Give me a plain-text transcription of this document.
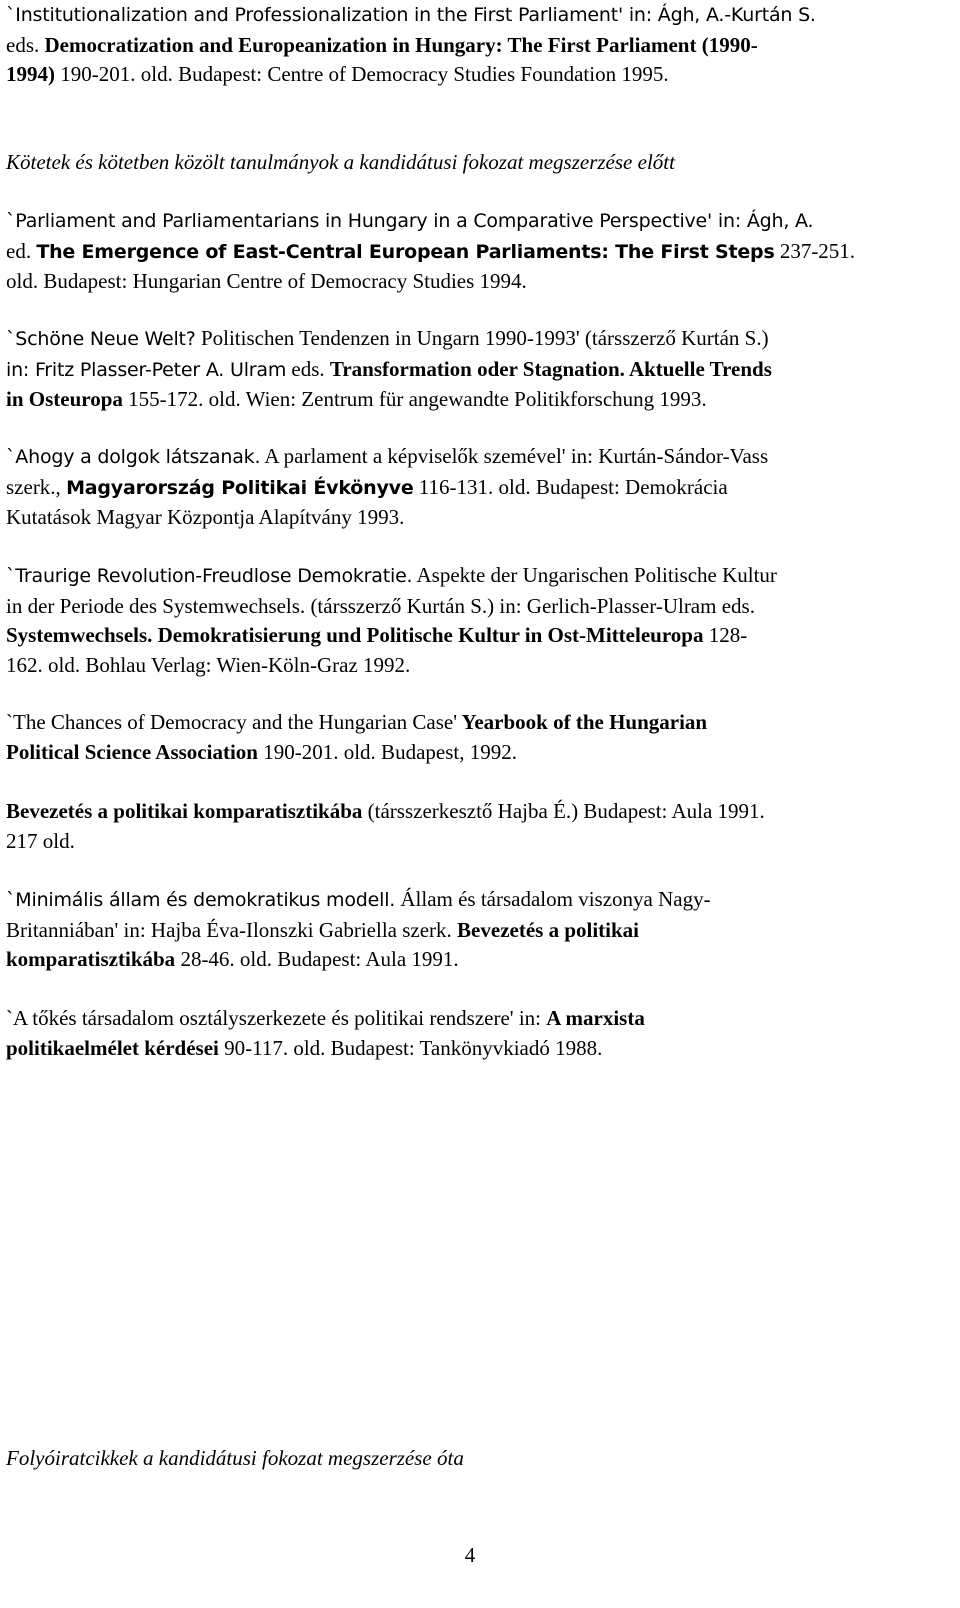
`Institutionalization and Professionalization in the First Parliament' in: Ágh, A.-Kurtán S.
eds. Democratization and Europeanization in Hungary: The First Parliament (1990-
1994) 190-201. old. Budapest: Centre of Democracy Studies Foundation 1995.
Kötetek és kötetben közölt tanulmányok a kandidátusi fokozat megszerzése előtt
`Parliament and Parliamentarians in Hungary in a Comparative Perspective' in: Ágh, A.
ed. The Emergence of East-Central European Parliaments: The First Steps 237-251.
old. Budapest: Hungarian Centre of Democracy Studies 1994.
`Schöne Neue Welt? Politischen Tendenzen in Ungarn 1990-1993' (társszerző Kurtán S.)
in: Fritz Plasser-Peter A. Ulram eds. Transformation oder Stagnation. Aktuelle Trends
in Osteuropa 155-172. old. Wien: Zentrum für angewandte Politikforschung 1993.
`Ahogy a dolgok látszanak. A parlament a képviselők szemével' in: Kurtán-Sándor-Vass
szerk., Magyarország Politikai Évkönyve 116-131. old. Budapest: Demokrácia
Kutatások Magyar Központja Alapítvány 1993.
`Traurige Revolution-Freudlose Demokratie. Aspekte der Ungarischen Politische Kultur
in der Periode des Systemwechsels. (társszerző Kurtán S.) in: Gerlich-Plasser-Ulram eds.
Systemwechsels. Demokratisierung und Politische Kultur in Ost-Mitteleuropa 128-
162. old. Bohlau Verlag: Wien-Köln-Graz 1992.
`The Chances of Democracy and the Hungarian Case' Yearbook of the Hungarian
Political Science Association 190-201. old. Budapest, 1992.
Bevezetés a politikai komparatisztikába (társszerkesztő Hajba É.) Budapest: Aula 1991.
217 old.
`Minimális állam és demokratikus modell. Állam és társadalom viszonya Nagy-
Britanniában' in: Hajba Éva-Ilonszki Gabriella szerk. Bevezetés a politikai
komparatisztikába 28-46. old. Budapest: Aula 1991.
`A tőkés társadalom osztályszerkezete és politikai rendszere' in: A marxista
politikaelmélet kérdései 90-117. old. Budapest: Tankönyvkiadó 1988.
Folyóiratcikkek a kandidátusi fokozat megszerzése óta
4
